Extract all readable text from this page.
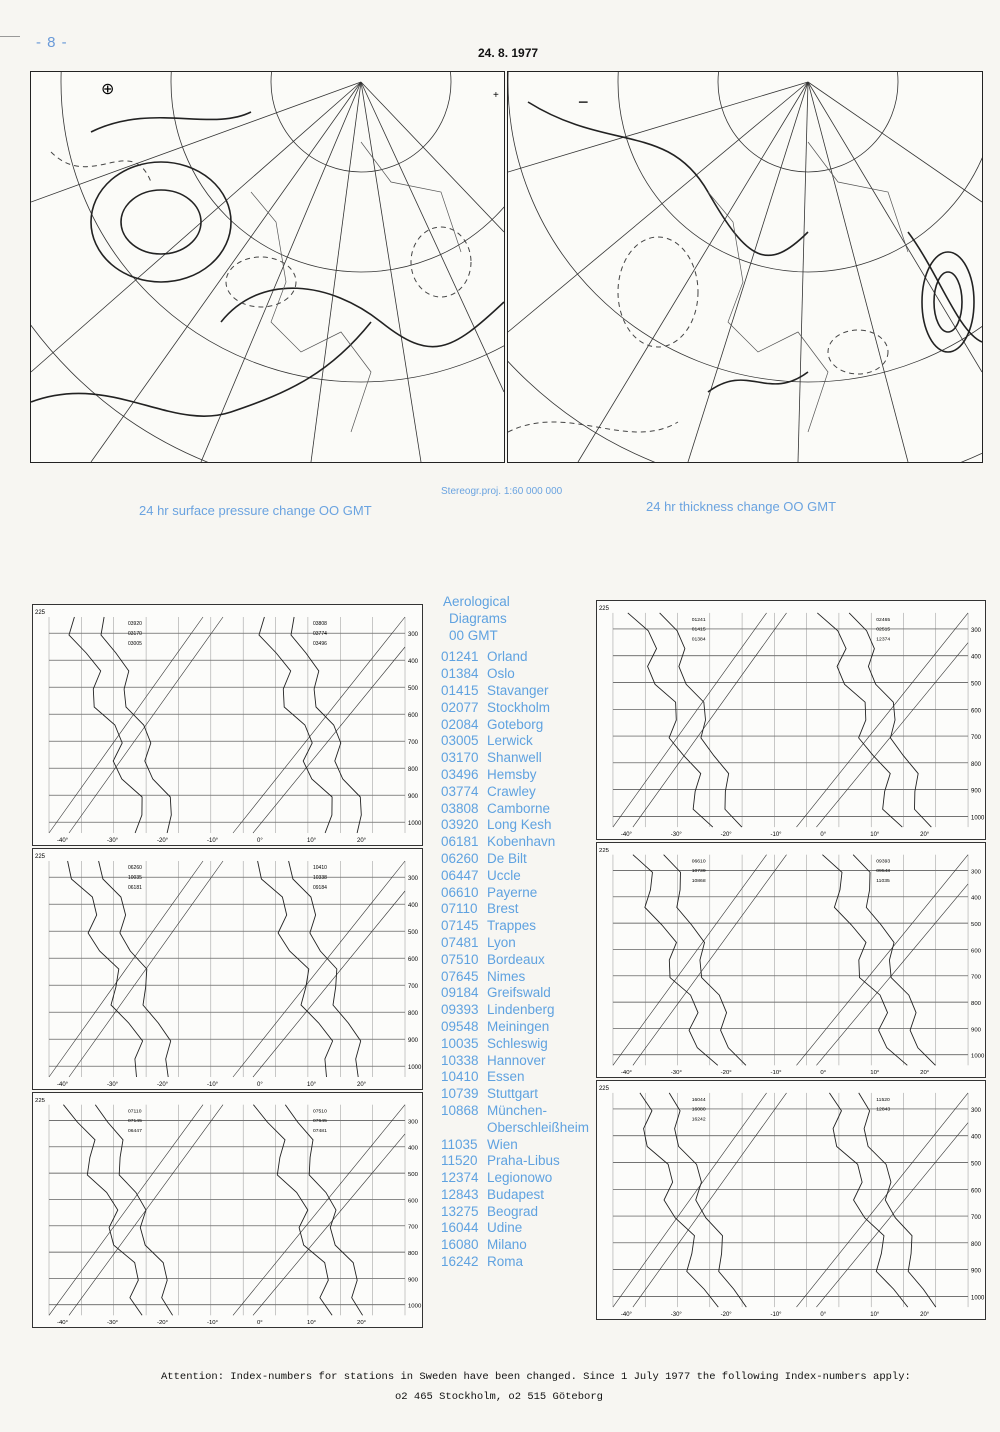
- 8 -
24. 8. 1977
⊕	+	−
Stereogr.proj. 1:60 000 000
24 hr surface pressure change OO GMT	24 hr thickness change OO GMT
300
400
500
600
700
800
900
1000
225
-40°	-30°	-20°	-10°	0°	10°	20°
03920
03170
03005
03808
03774
03496
300
400
500
600
700
800
900
1000
225
-40°	-30°	-20°	-10°	0°	10°	20°
06260
10035
06181
10410
10338
09184
300
400
500
600
700
800
900
1000
225
-40°	-30°	-20°	-10°	0°	10°	20°
07110
07145
06447
07510
07645
07481
300
400
500
600
700
800
900
1000
225
-40°	-30°	-20°	-10°	0°	10°	20°
01241
01415
01384
02465
02515
12374
300
400
500
600
700
800
900
1000
225
-40°	-30°	-20°	-10°	0°	10°	20°
06610
10739
10868
09393
09548
11035
300
400
500
600
700
800
900
1000
225
-40°	-30°	-20°	-10°	0°	10°	20°
16044
16080
16242
11520
12843
Aerological
Diagrams
00 GMT
01241 Orland
01384 Oslo
01415 Stavanger
02077 Stockholm
02084 Goteborg
03005 Lerwick
03170 Shanwell
03496 Hemsby
03774 Crawley
03808 Camborne
03920 Long Kesh
06181 Kobenhavn
06260 De Bilt
06447 Uccle
06610 Payerne
07110 Brest
07145 Trappes
07481 Lyon
07510 Bordeaux
07645 Nimes
09184 Greifswald
09393 Lindenberg
09548 Meiningen
10035 Schleswig
10338 Hannover
10410 Essen
10739 Stuttgart
10868 München-
Oberschleißheim
11035 Wien
11520 Praha-Libus
12374 Legionowo
12843 Budapest
13275 Beograd
16044 Udine
16080 Milano
16242 Roma
Attention: Index-numbers for stations in Sweden have been changed. Since 1 July 1977 the following Index-numbers apply:
o2 465 Stockholm, o2 515 Göteborg
